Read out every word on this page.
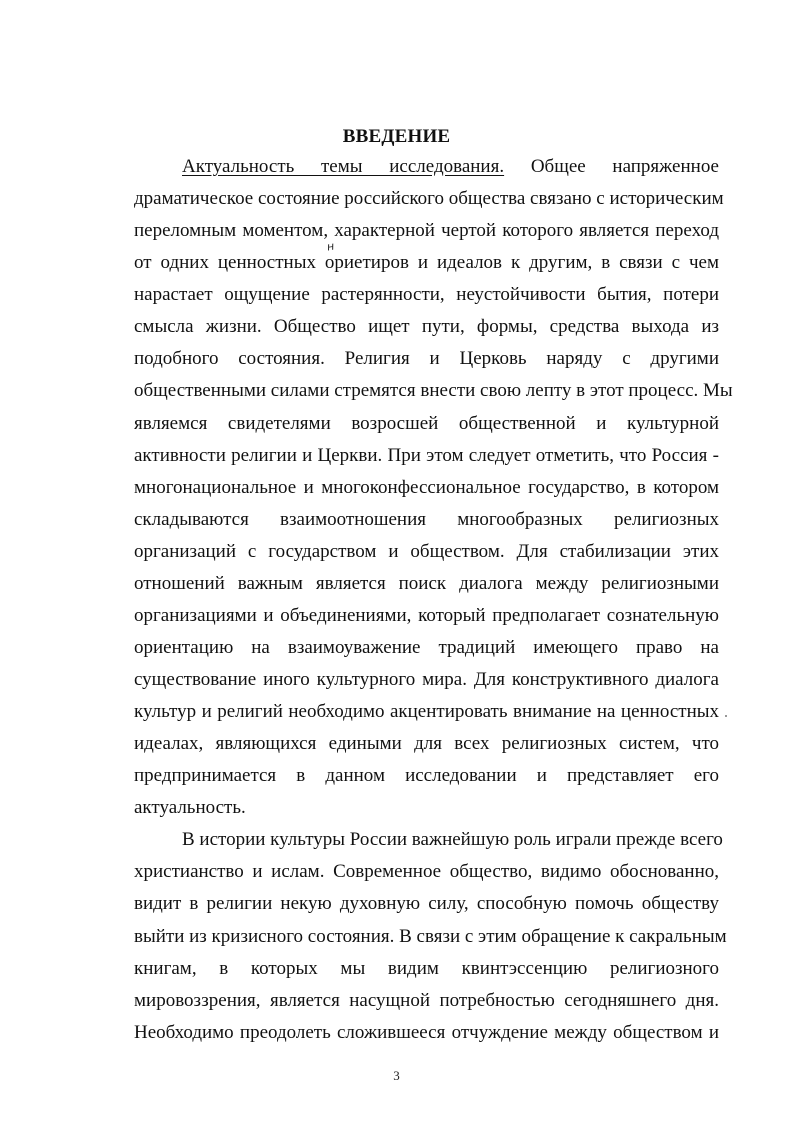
ВВЕДЕНИЕ
Актуальность темы исследования. Общее напряженное
драматическое состояние российского общества связано с историческим
переломным моментом, характерной чертой которого является переход
от одних ценностных ориетиров и идеалов к другим, в связи с чем
нарастает ощущение растерянности, неустойчивости бытия, потери
смысла жизни. Общество ищет пути, формы, средства выхода из
подобного состояния. Религия и Церковь наряду с другими
общественными силами стремятся внести свою лепту в этот процесс. Мы
являемся свидетелями возросшей общественной и культурной
активности религии и Церкви. При этом следует отметить, что Россия -
многонациональное и многоконфессиональное государство, в котором
складываются взаимоотношения многообразных религиозных
организаций с государством и обществом. Для стабилизации этих
отношений важным является поиск диалога между религиозными
организациями и объединениями, который предполагает сознательную
ориентацию на взаимоуважение традиций имеющего право на
существование иного культурного мира. Для конструктивного диалога
культур и религий необходимо акцентировать внимание на ценностных
идеалах, являющихся едиными для всех религиозных систем, что
предпринимается в данном исследовании и представляет его
актуальность.
В истории культуры России важнейшую роль играли прежде всего
христианство и ислам. Современное общество, видимо обоснованно,
видит в религии некую духовную силу, способную помочь обществу
выйти из кризисного состояния. В связи с этим обращение к сакральным
книгам, в которых мы видим квинтэссенцию религиозного
мировоззрения, является насущной потребностью сегодняшнего дня.
Необходимо преодолеть сложившееся отчуждение между обществом и
н
3
